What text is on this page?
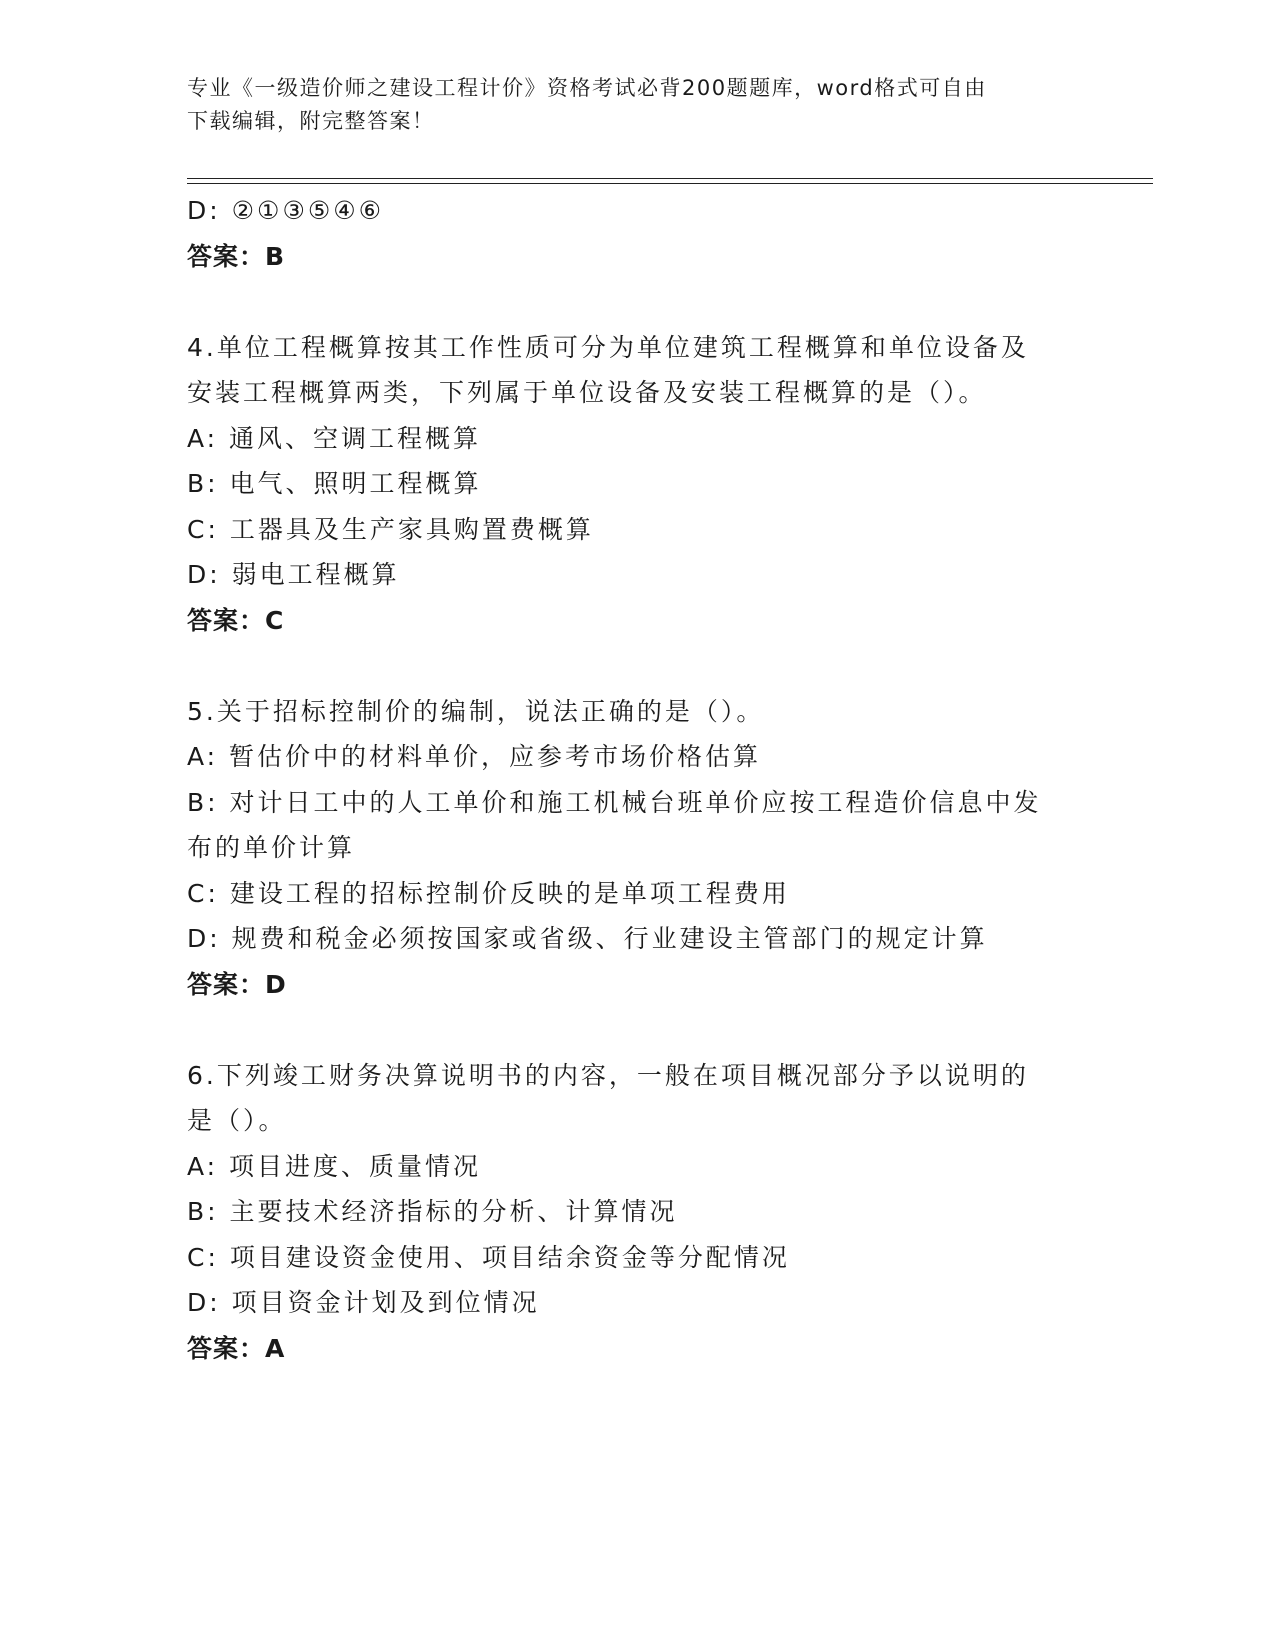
专业《一级造价师之建设工程计价》资格考试必背200题题库，word格式可自由
下载编辑，附完整答案！
D: ②①③⑤④⑥
答案：B
4.单位工程概算按其工作性质可分为单位建筑工程概算和单位设备及
安装工程概算两类，下列属于单位设备及安装工程概算的是（）。
A: 通风、空调工程概算
B: 电气、照明工程概算
C: 工器具及生产家具购置费概算
D: 弱电工程概算
答案：C
5.关于招标控制价的编制，说法正确的是（）。
A: 暂估价中的材料单价，应参考市场价格估算
B: 对计日工中的人工单价和施工机械台班单价应按工程造价信息中发
布的单价计算
C: 建设工程的招标控制价反映的是单项工程费用
D: 规费和税金必须按国家或省级、行业建设主管部门的规定计算
答案：D
6.下列竣工财务决算说明书的内容，一般在项目概况部分予以说明的
是（）。
A: 项目进度、质量情况
B: 主要技术经济指标的分析、计算情况
C: 项目建设资金使用、项目结余资金等分配情况
D: 项目资金计划及到位情况
答案：A
